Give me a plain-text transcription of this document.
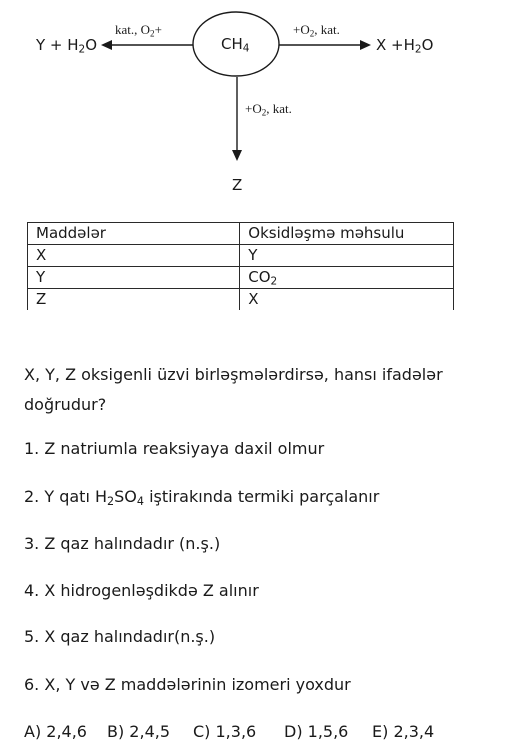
$CH_4$
$Y + H_2O$
kat., $O_2+$	$+O_2$, kat.
$X +H_2O$
$+O_2$, kat.
Z
Maddələr	Oksidləşmə məhsulu
X	Y
Y	$CO_2$
Z	X
X, Y, Z oksigenli üzvi birləşmələrdirsə, hansı ifadələr
doğrudur?
1. Z natriumla reaksiyaya daxil olmur
2. Y qatı $H_2SO_4$ iştirakında termiki parçalanır
3. Z qaz halındadır (n.ş.)
4. X hidrogenləşdikdə Z alınır
5. X qaz halındadır(n.ş.)
6. X, Y və Z maddələrinin izomeri yoxdur
A) 2,4,6 B) 2,4,5 C) 1,3,6 D) 1,5,6 E) 2,3,4
